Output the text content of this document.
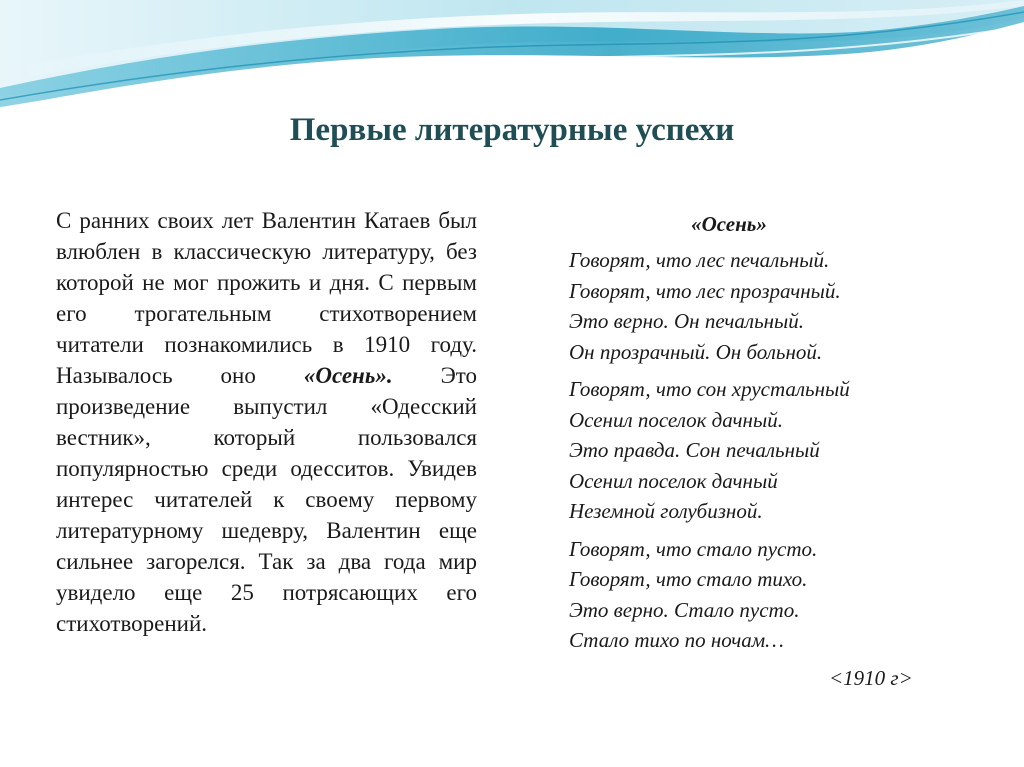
Первые литературные успехи
С ранних своих лет Валентин Катаев был влюблен в классическую литературу, без которой не мог прожить и дня. С первым его трогательным стихотворением читатели познакомились в 1910 году. Называлось оно «Осень». Это произведение выпустил «Одесский вестник», который пользовался популярностью среди одесситов. Увидев интерес читателей к своему первому литературному шедевру, Валентин еще сильнее загорелся. Так за два года мир увидело еще 25 потрясающих его стихотворений.
«Осень»
Говорят, что лес печальный.
Говорят, что лес прозрачный.
Это верно. Он печальный.
Он прозрачный. Он больной.
Говорят, что сон хрустальный
Осенил поселок дачный.
Это правда. Сон печальный
Осенил поселок дачный
Неземной голубизной.
Говорят, что стало пусто.
Говорят, что стало тихо.
Это верно. Стало пусто.
Стало тихо по ночам…
<1910 г>
